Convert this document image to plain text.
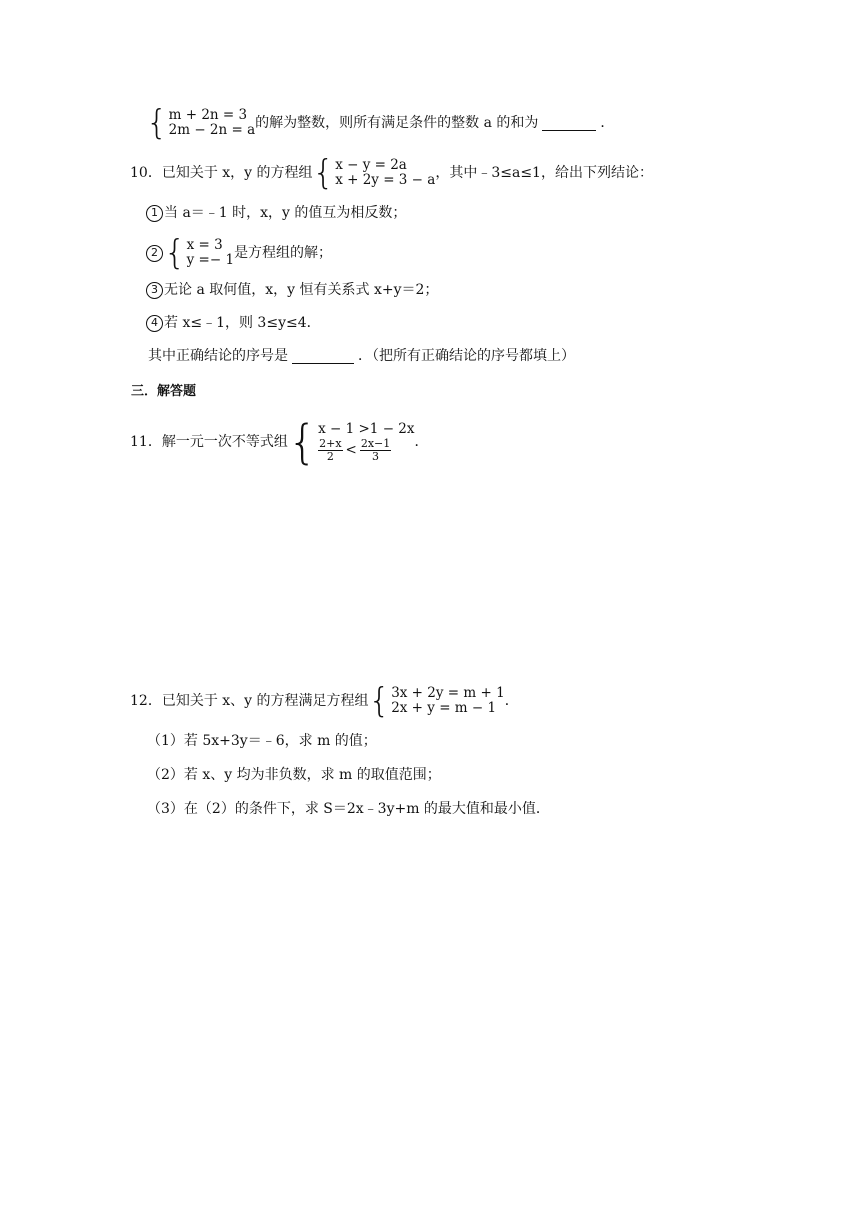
{ m + 2n = 3
2m − 2n = a 的解为整数，则所有满足条件的整数 a 的和为	．
10． 已知关于 x，y 的方程组 { x − y = 2a
x + 2y = 3 − a ，其中﹣3≤a≤1，给出下列结论：
1 当 a＝﹣1 时，x，y 的值互为相反数；
2 { x = 3
y =− 1 是方程组的解；
3 无论 a 取何值，x，y 恒有关系式 x+y＝2；
4 若 x≤﹣1，则 3≤y≤4．
其中正确结论的序号是	．（把所有正确结论的序号都填上）
三．解答题
11． 解一元一次不等式组 { x − 1 >1 − 2x
$\frac{2+x}{2} < \frac{2x-1}{3}$ ．
12． 已知关于 x、y 的方程满足方程组 { 3x + 2y = m + 1
2x + y = m − 1 ．
（1）若 5x+3y＝﹣6，求 m 的值；
（2）若 x、y 均为非负数，求 m 的取值范围；
（3）在（2）的条件下，求 S＝2x﹣3y+m 的最大值和最小值．
